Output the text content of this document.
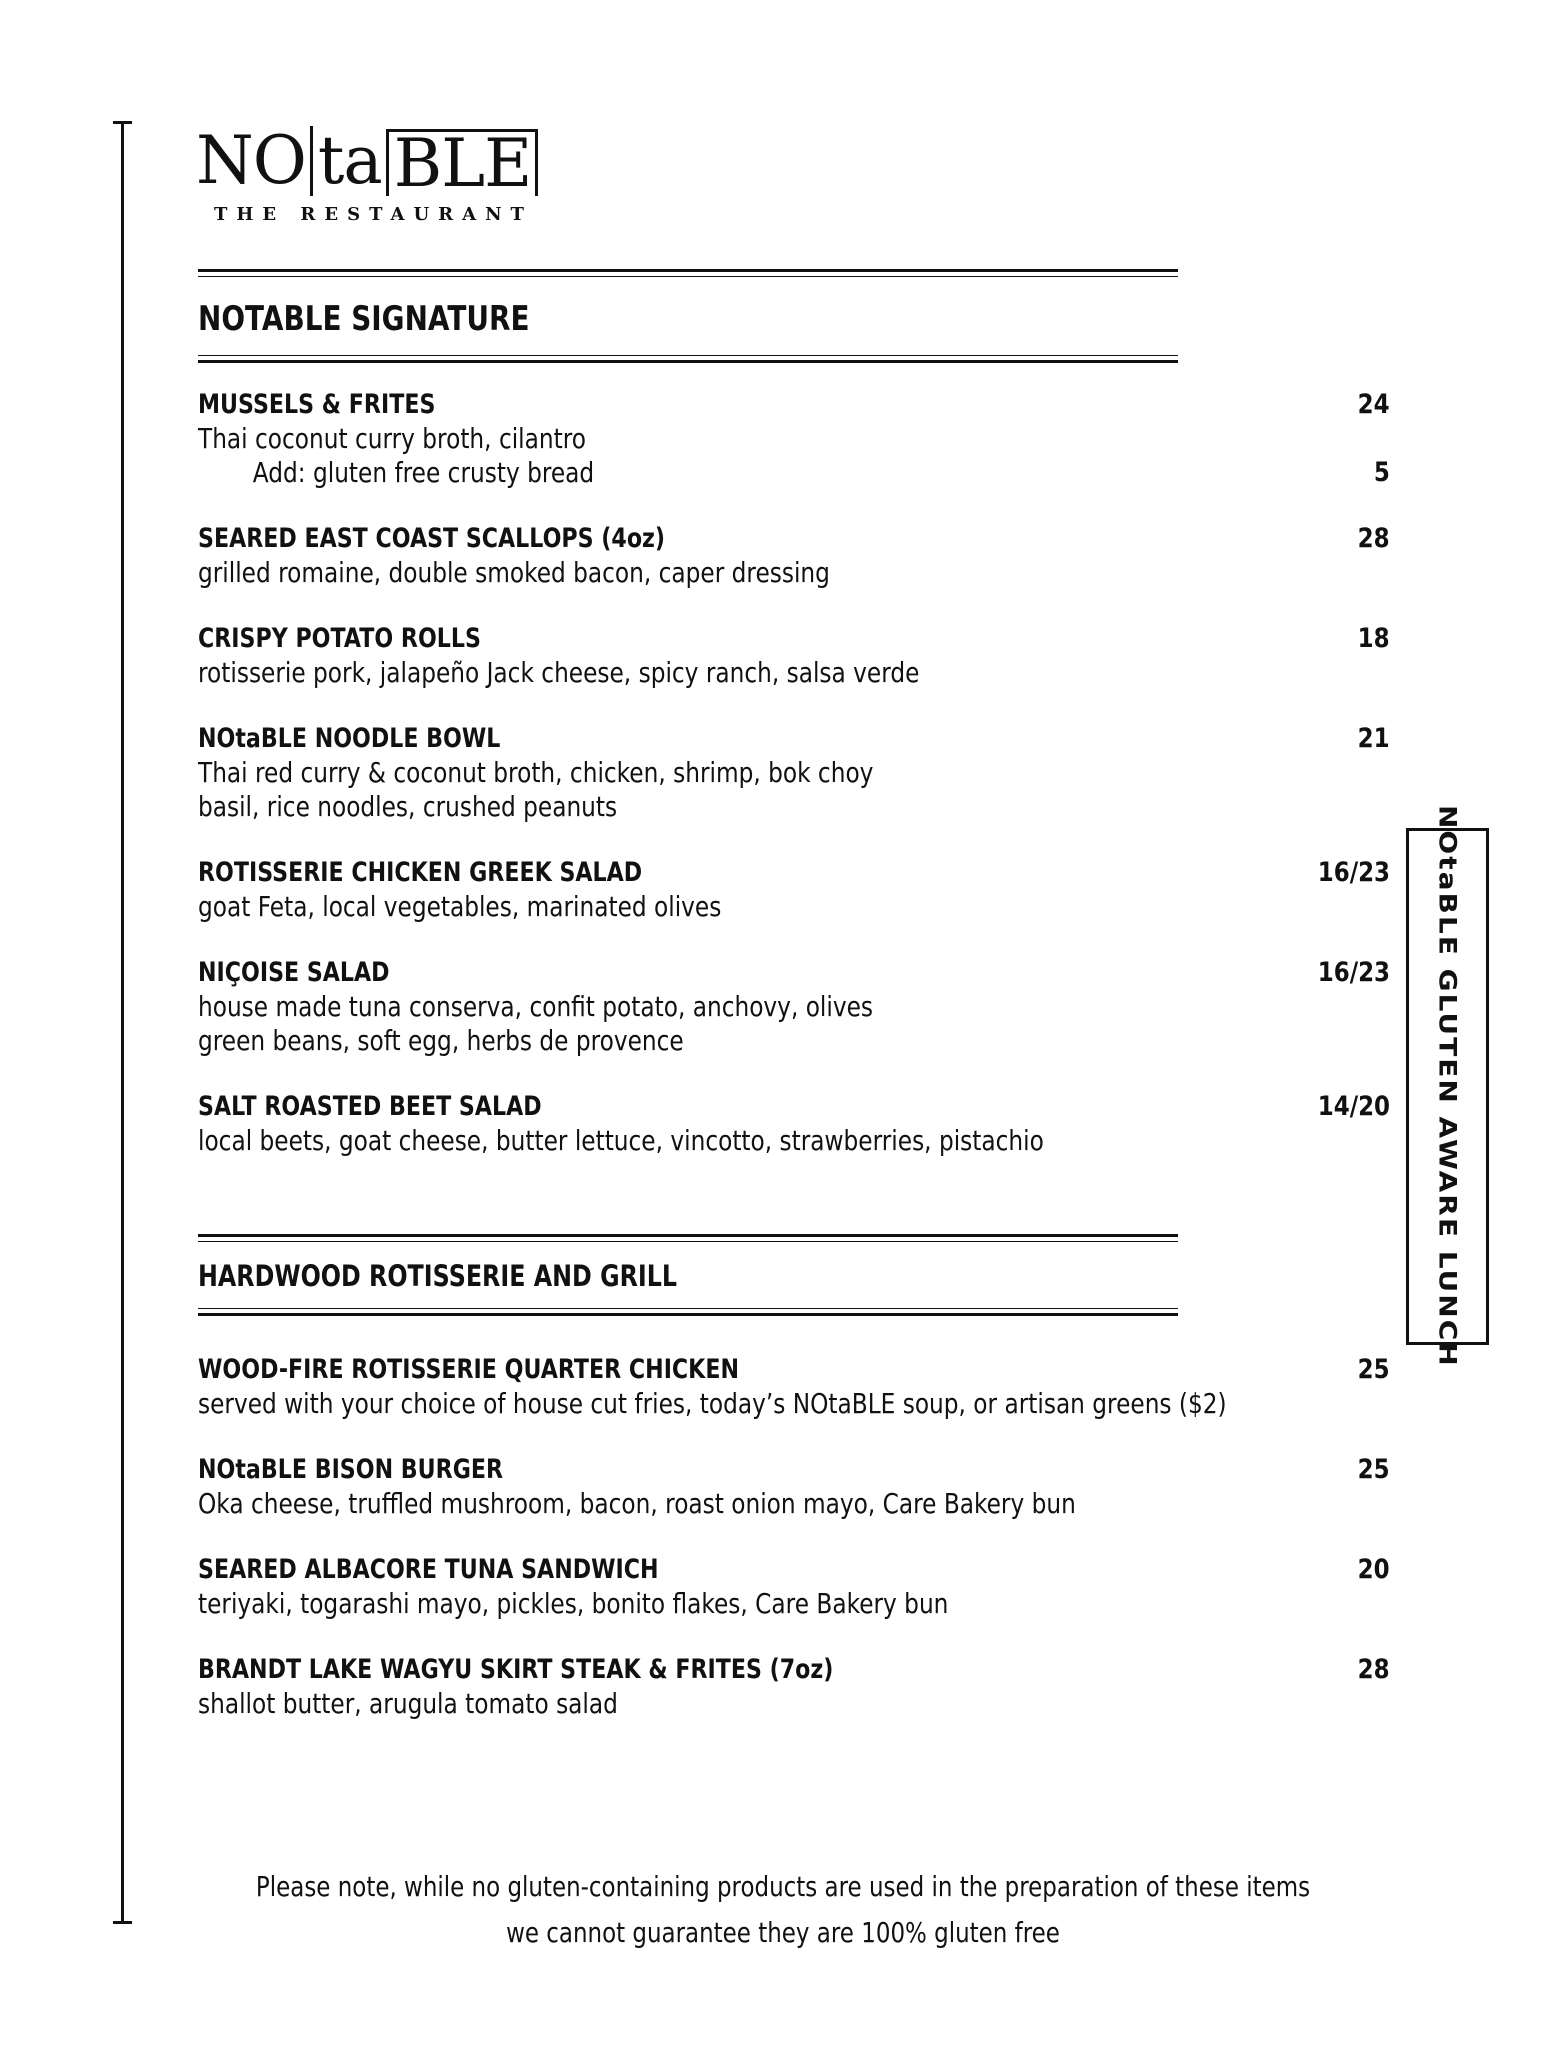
NO ta BLE
THE RESTAURANT
NOtaBLE GLUTEN AWARE LUNCH
NOTABLE SIGNATURE
MUSSELS & FRITES	24
Thai coconut curry broth, cilantro
Add: gluten free crusty bread	5
SEARED EAST COAST SCALLOPS (4oz)	28
grilled romaine, double smoked bacon, caper dressing
CRISPY POTATO ROLLS	18
rotisserie pork, jalapeño Jack cheese, spicy ranch, salsa verde
NOtaBLE NOODLE BOWL	21
Thai red curry & coconut broth, chicken, shrimp, bok choy
basil, rice noodles, crushed peanuts
ROTISSERIE CHICKEN GREEK SALAD	16/23
goat Feta, local vegetables, marinated olives
NIÇOISE SALAD	16/23
house made tuna conserva, confit potato, anchovy, olives
green beans, soft egg, herbs de provence
SALT ROASTED BEET SALAD	14/20
local beets, goat cheese, butter lettuce, vincotto, strawberries, pistachio
HARDWOOD ROTISSERIE AND GRILL
WOOD-FIRE ROTISSERIE QUARTER CHICKEN	25
served with your choice of house cut fries, today’s NOtaBLE soup, or artisan greens ($2)
NOtaBLE BISON BURGER	25
Oka cheese, truffled mushroom, bacon, roast onion mayo, Care Bakery bun
SEARED ALBACORE TUNA SANDWICH	20
teriyaki, togarashi mayo, pickles, bonito flakes, Care Bakery bun
BRANDT LAKE WAGYU SKIRT STEAK & FRITES (7oz)	28
shallot butter, arugula tomato salad
Please note, while no gluten-containing products are used in the preparation of these items
we cannot guarantee they are 100% gluten free
